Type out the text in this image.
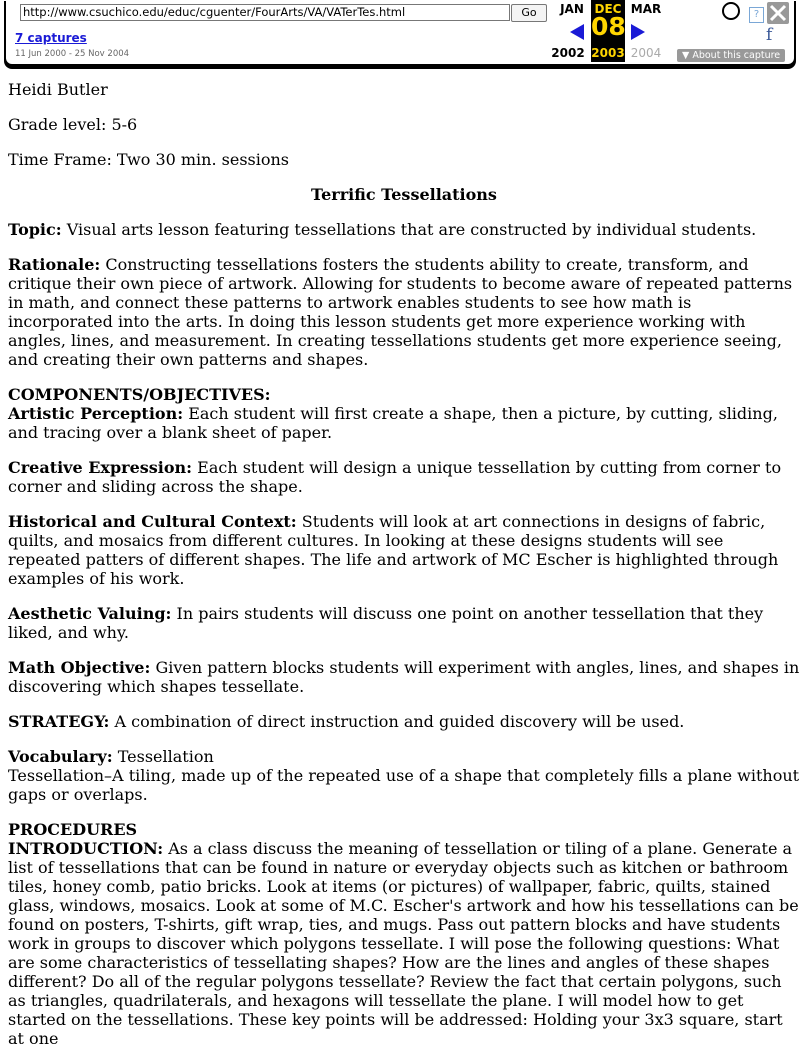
http://www.csuchico.edu/educ/cguenter/FourArts/VA/VATerTes.html	Go
7 captures
11 Jun 2000 - 25 Nov 2004
JAN DEC MAR
08
2002 2003 2004
?
f
▼ About this capture

Heidi Butler

Grade level: 5-6

Time Frame: Two 30 min. sessions

Terrific Tessellations

Topic: Visual arts lesson featuring tessellations that are constructed by individual students.

Rationale: Constructing tessellations fosters the students ability to create, transform, and critique their own piece of artwork. Allowing for students to become aware of repeated patterns in math, and connect these patterns to artwork enables students to see how math is incorporated into the arts. In doing this lesson students get more experience working with angles, lines, and measurement. In creating tessellations students get more experience seeing, and creating their own patterns and shapes.

COMPONENTS/OBJECTIVES:
Artistic Perception: Each student will first create a shape, then a picture, by cutting, sliding, and tracing over a blank sheet of paper.

Creative Expression: Each student will design a unique tessellation by cutting from corner to corner and sliding across the shape.

Historical and Cultural Context: Students will look at art connections in designs of fabric, quilts, and mosaics from different cultures. In looking at these designs students will see repeated patters of different shapes. The life and artwork of MC Escher is highlighted through examples of his work.

Aesthetic Valuing: In pairs students will discuss one point on another tessellation that they liked, and why.

Math Objective: Given pattern blocks students will experiment with angles, lines, and shapes in discovering which shapes tessellate.

STRATEGY: A combination of direct instruction and guided discovery will be used.

Vocabulary: Tessellation
Tessellation–A tiling, made up of the repeated use of a shape that completely fills a plane without gaps or overlaps.

PROCEDURES
INTRODUCTION: As a class discuss the meaning of tessellation or tiling of a plane. Generate a list of tessellations that can be found in nature or everyday objects such as kitchen or bathroom tiles, honey comb, patio bricks. Look at items (or pictures) of wallpaper, fabric, quilts, stained glass, windows, mosaics. Look at some of M.C. Escher's artwork and how his tessellations can be found on posters, T-shirts, gift wrap, ties, and mugs. Pass out pattern blocks and have students work in groups to discover which polygons tessellate. I will pose the following questions: What are some characteristics of tessellating shapes? How are the lines and angles of these shapes different? Do all of the regular polygons tessellate? Review the fact that certain polygons, such as triangles, quadrilaterals, and hexagons will tessellate the plane. I will model how to get started on the tessellations. These key points will be addressed: Holding your 3x3 square, start at one
